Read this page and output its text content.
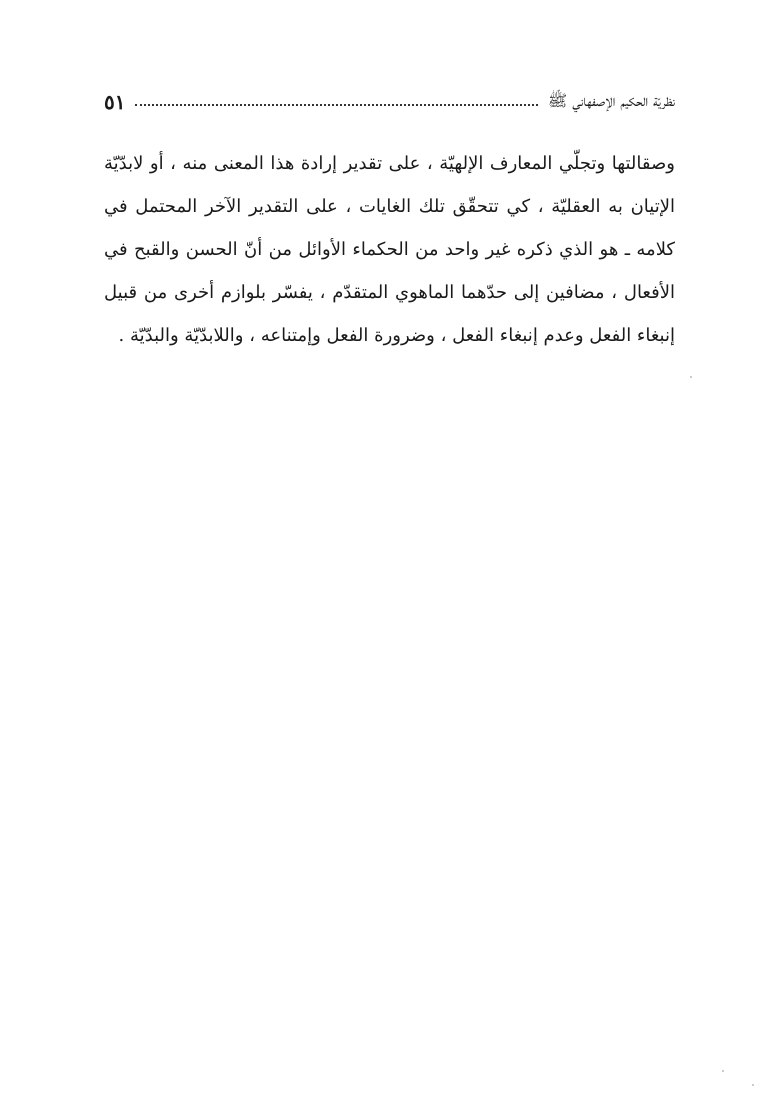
نظريّة الحكيم الإصفهاني ﷺ
٥١
وصقالتها وتجلّي المعارف الإلهيّة ، على تقدير إرادة هذا المعنى منه ، أو لابدّيّة
الإتيان به العقليّة ، كي تتحقّق تلك الغايات ، على التقدير الآخر المحتمل في
كلامه ـ هو الذي ذكره غير واحد من الحكماء الأوائل من أنّ الحسن والقبح في
الأفعال ، مضافين إلى حدّهما الماهوي المتقدّم ، يفسّر بلوازم أخرى من قبيل
إنبغاء الفعل وعدم إنبغاء الفعل ، وضرورة الفعل وإمتناعه ، واللابدّيّة والبدّيّة .
